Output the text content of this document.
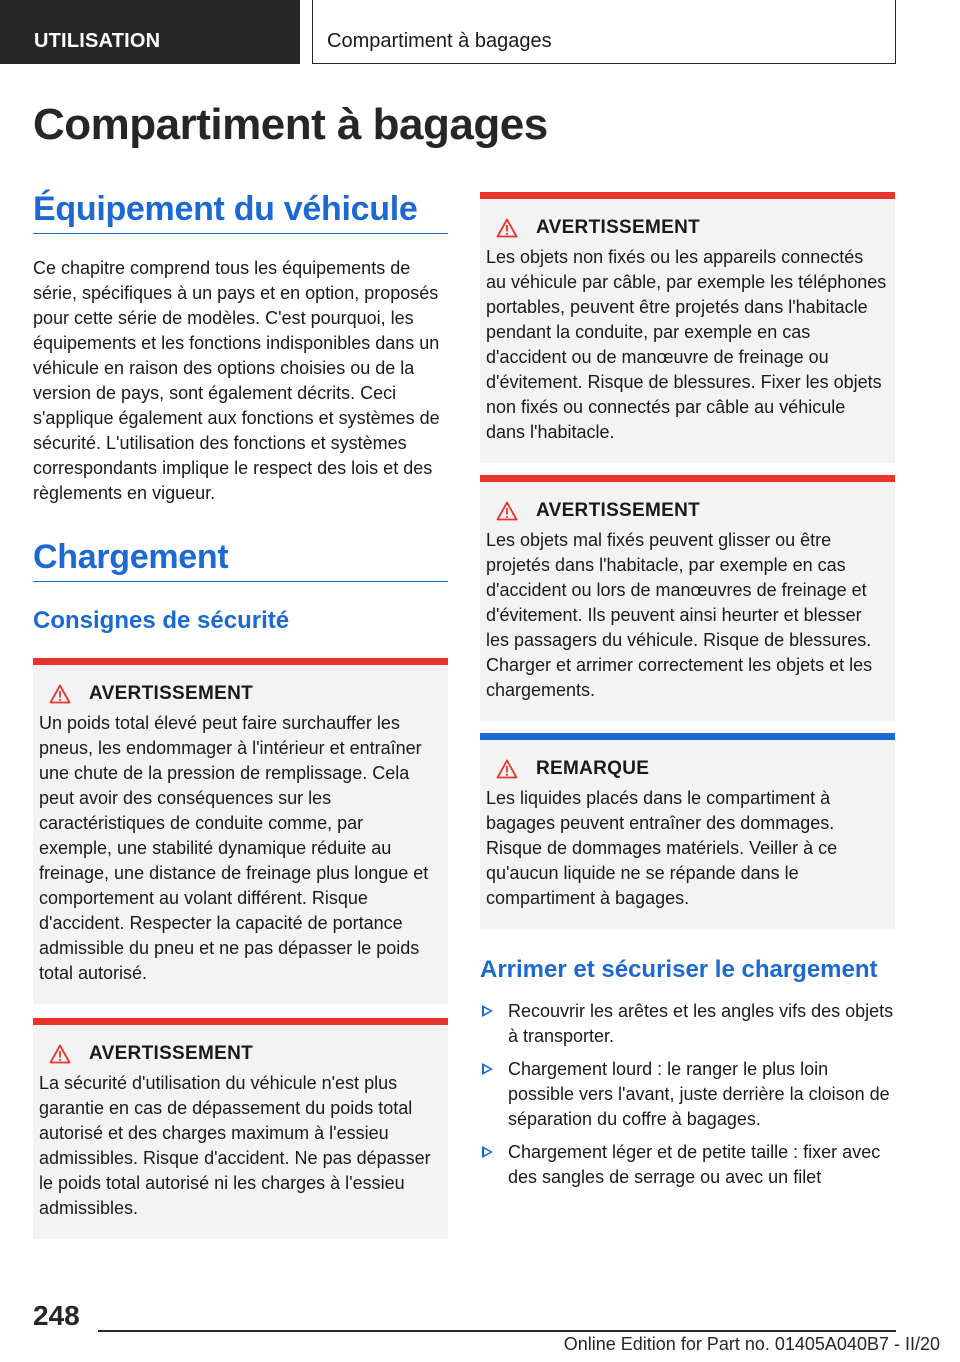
UTILISATION	Compartiment à bagages
Compartiment à bagages
Équipement du véhicule

Ce chapitre comprend tous les équipements de série, spécifiques à un pays et en option, proposés pour cette série de modèles. C'est pourquoi, les équipements et les fonctions indisponibles dans un véhicule en raison des options choisies ou de la version de pays, sont également décrits. Ceci s'applique également aux fonctions et systèmes de sécurité. L'utilisation des fonctions et systèmes correspondants implique le respect des lois et des règlements en vigueur.

Chargement
Consignes de sécurité
AVERTISSEMENT

Un poids total élevé peut faire surchauffer les pneus, les endommager à l'intérieur et entraîner une chute de la pression de remplissage. Cela peut avoir des conséquences sur les caractéristiques de conduite comme, par exemple, une stabilité dynamique réduite au freinage, une distance de freinage plus longue et comportement au volant différent. Risque d'accident. Respecter la capacité de portance admissible du pneu et ne pas dépasser le poids total autorisé.

AVERTISSEMENT

La sécurité d'utilisation du véhicule n'est plus garantie en cas de dépassement du poids total autorisé et des charges maximum à l'essieu admissibles. Risque d'accident. Ne pas dépasser le poids total autorisé ni les charges à l'essieu admissibles.

AVERTISSEMENT

Les objets non fixés ou les appareils connectés au véhicule par câble, par exemple les téléphones portables, peuvent être projetés dans l'habitacle pendant la conduite, par exemple en cas d'accident ou de manœuvre de freinage ou d'évitement. Risque de blessures. Fixer les objets non fixés ou connectés par câble au véhicule dans l'habitacle.

AVERTISSEMENT

Les objets mal fixés peuvent glisser ou être projetés dans l'habitacle, par exemple en cas d'accident ou lors de manœuvres de freinage et d'évitement. Ils peuvent ainsi heurter et blesser les passagers du véhicule. Risque de blessures. Charger et arrimer correctement les objets et les chargements.

REMARQUE

Les liquides placés dans le compartiment à bagages peuvent entraîner des dommages. Risque de dommages matériels. Veiller à ce qu'aucun liquide ne se répande dans le compartiment à bagages.

Arrimer et sécuriser le chargement
Recouvrir les arêtes et les angles vifs des objets à transporter.
Chargement lourd : le ranger le plus loin possible vers l'avant, juste derrière la cloison de séparation du coffre à bagages.
Chargement léger et de petite taille : fixer avec des sangles de serrage ou avec un filet
248
Online Edition for Part no. 01405A040B7 - II/20
